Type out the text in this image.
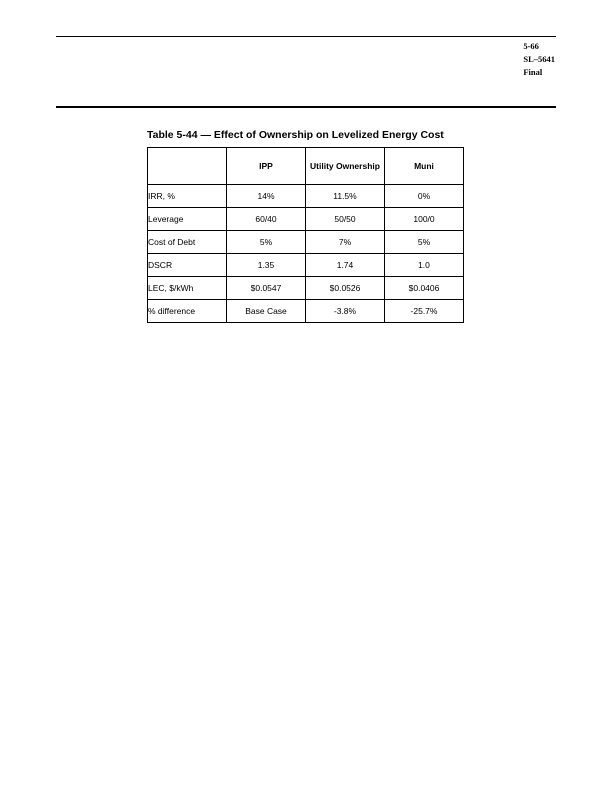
5-66
SL–5641
Final
Table 5-44 — Effect of Ownership on Levelized Energy Cost
	IPP	Utility Ownership	Muni
IRR, %	14%	11.5%	0%
Leverage	60/40	50/50	100/0
Cost of Debt	5%	7%	5%
DSCR	1.35	1.74	1.0
LEC, $/kWh	$0.0547	$0.0526	$0.0406
% difference	Base Case	-3.8%	-25.7%
